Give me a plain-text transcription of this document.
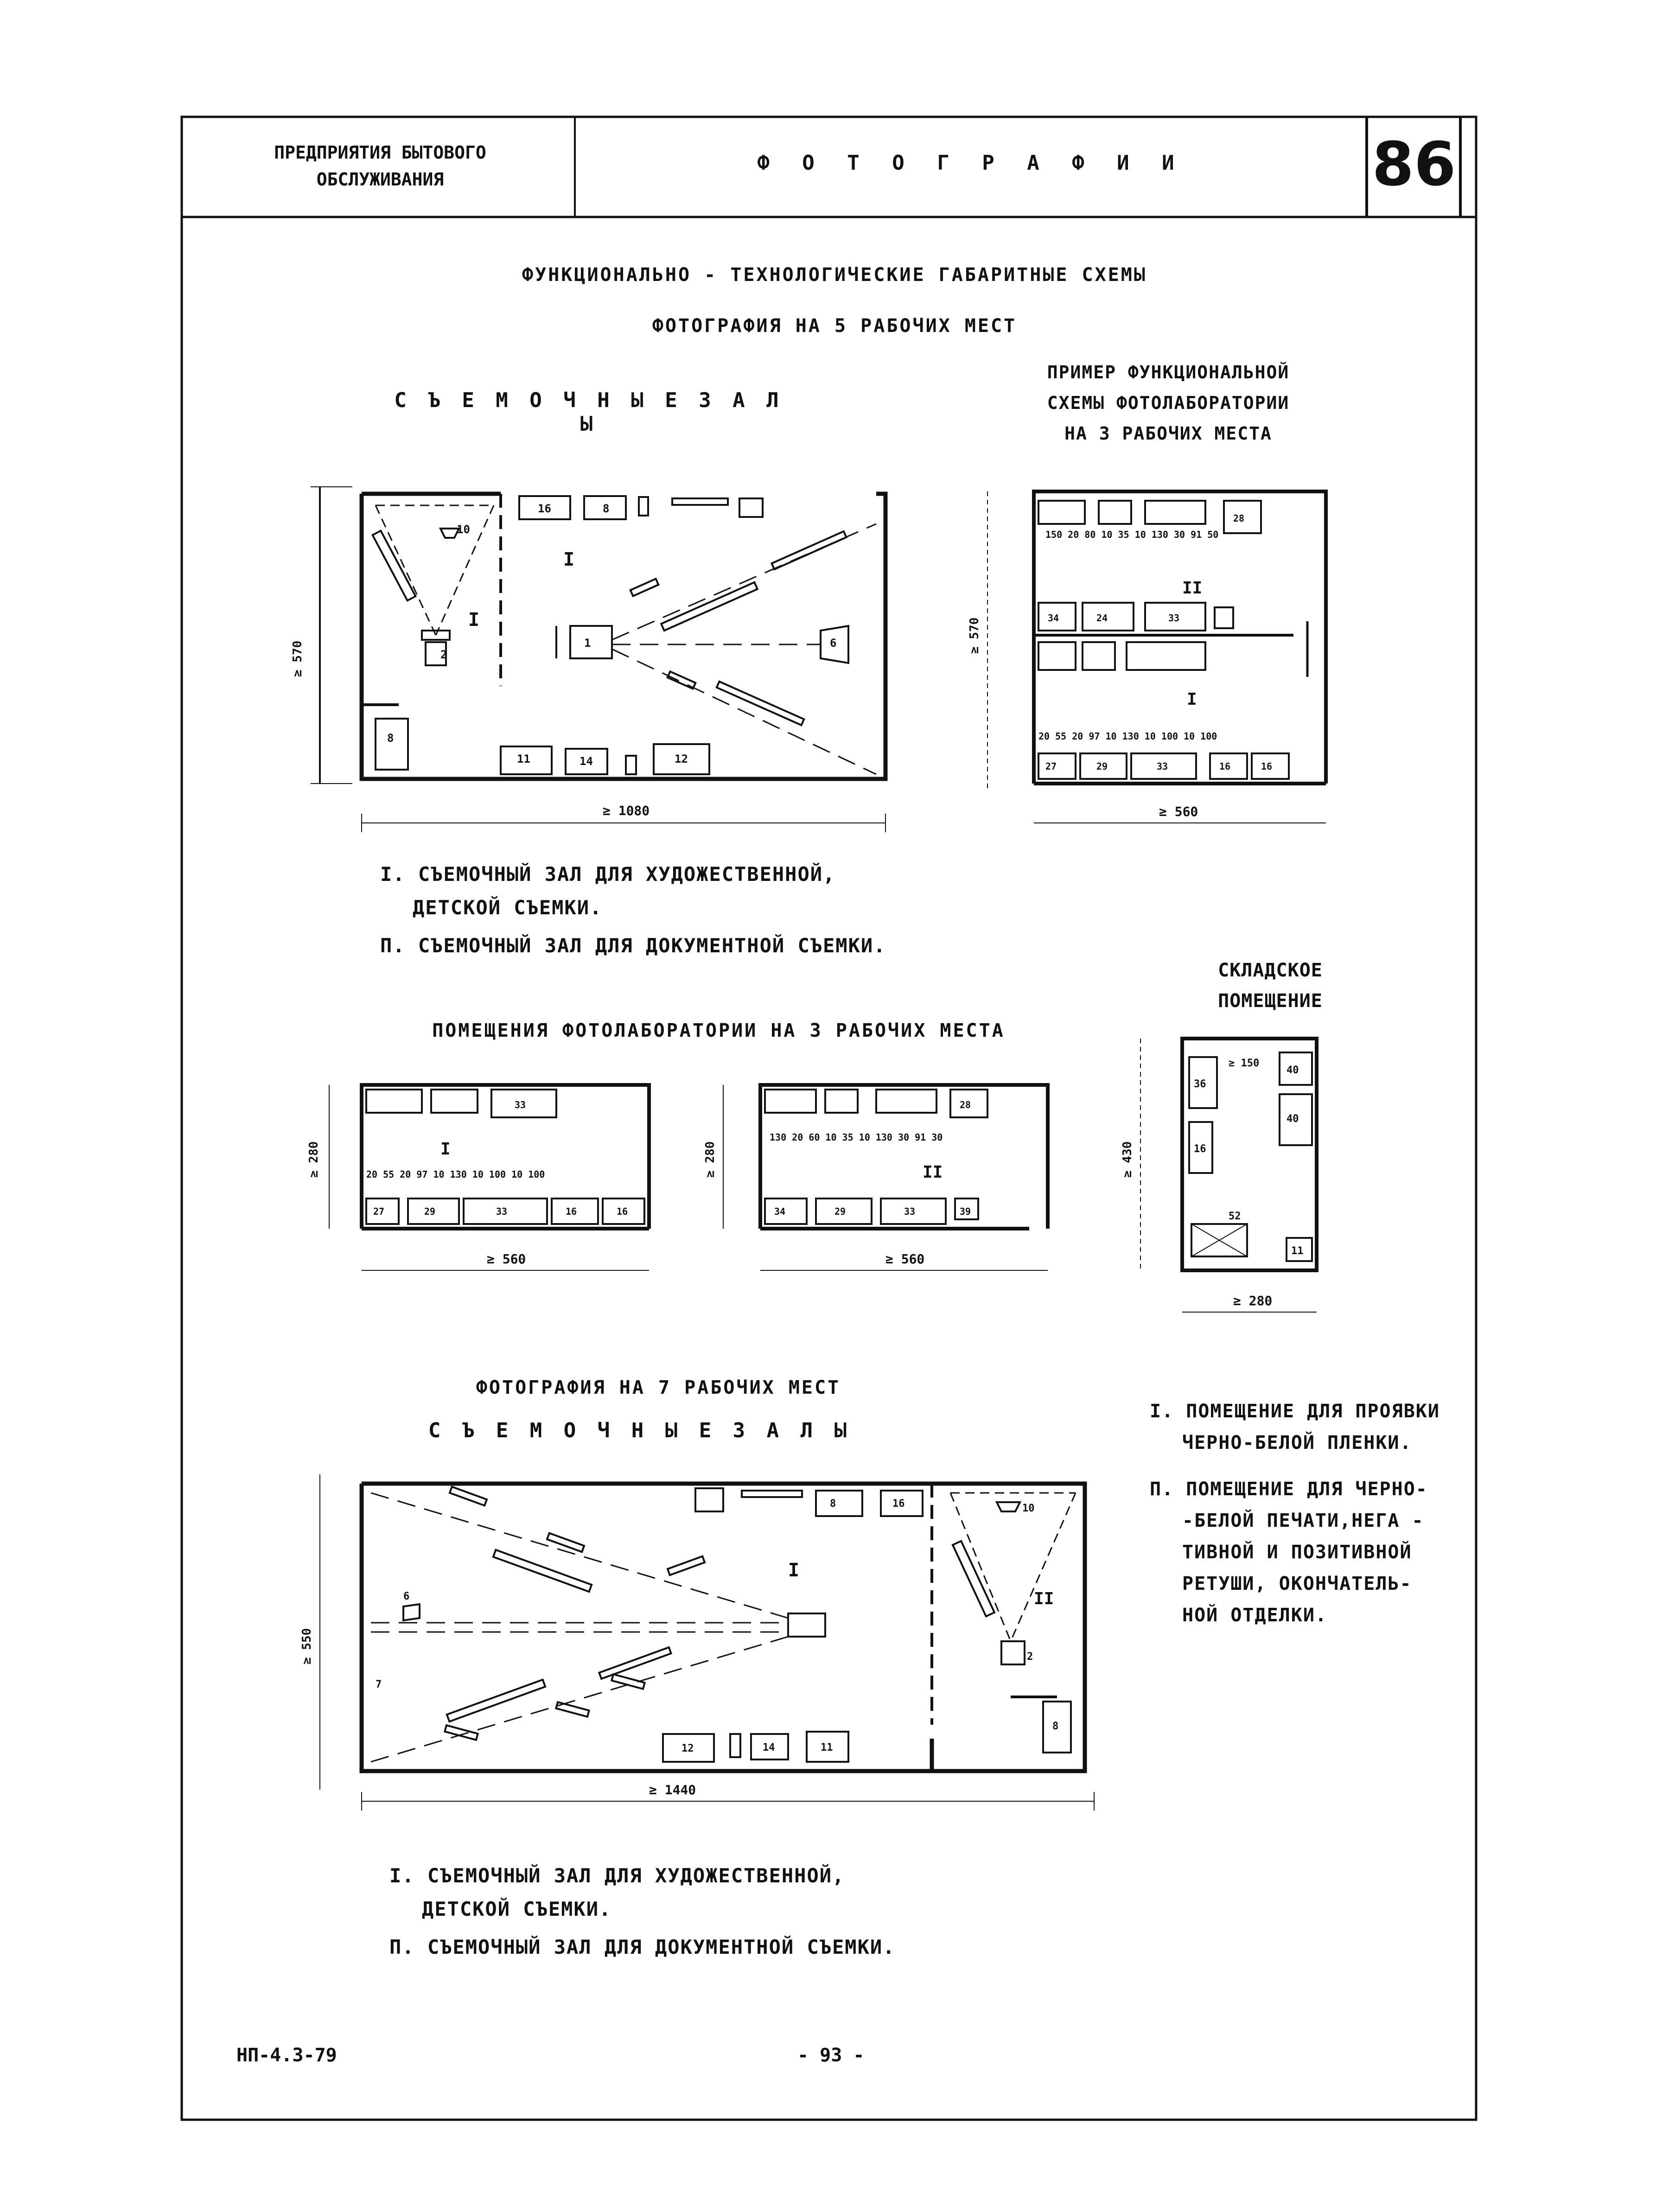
ПРЕДПРИЯТИЯ БЫТОВОГО
ОБСЛУЖИВАНИЯ
Ф О Т О Г Р А Ф И И	86
ФУНКЦИОНАЛЬНО - ТЕХНОЛОГИЧЕСКИЕ ГАБАРИТНЫЕ СХЕМЫ
ФОТОГРАФИЯ НА 5 РАБОЧИХ МЕСТ
С Ъ Е М О Ч Н Ы Е З А Л Ы
ПРИМЕР ФУНКЦИОНАЛЬНОЙ
СХЕМЫ ФОТОЛАБОРАТОРИИ
НА 3 РАБОЧИХ МЕСТА
2
10
8
16	8
11	14	12
6
1
I
I
≥ 570
≥ 1080
150 20 80 10 35 10 130 30 91 50
20 55 20 97 10 130 10 100 10 100
34	24	33
28
27	29	33	16	16
II
I
≥ 570
≥ 560
I. СЪЕМОЧНЫЙ ЗАЛ ДЛЯ ХУДОЖЕСТВЕННОЙ,
ДЕТСКОЙ СЪЕМКИ.
П. СЪЕМОЧНЫЙ ЗАЛ ДЛЯ ДОКУМЕНТНОЙ СЪЕМКИ.
СКЛАДСКОЕ
ПОМЕЩЕНИЕ
ПОМЕЩЕНИЯ ФОТОЛАБОРАТОРИИ НА 3 РАБОЧИХ МЕСТА
20 55 20 97 10 130 10 100 10 100
27	29	33	16	16
33
I
≥ 280
≥ 560
130 20 60 10 35 10 130 30 91 30
34	29	33	39
28
II
≥ 280
≥ 560
36
16
40
40
11
52
≥ 150
≥ 430
≥ 280
ФОТОГРАФИЯ НА 7 РАБОЧИХ МЕСТ
С Ъ Е М О Ч Н Ы Е З А Л Ы
I. ПОМЕЩЕНИЕ ДЛЯ ПРОЯВКИ
ЧЕРНО-БЕЛОЙ ПЛЕНКИ.
П. ПОМЕЩЕНИЕ ДЛЯ ЧЕРНО-
-БЕЛОЙ ПЕЧАТИ,НЕГА -
ТИВНОЙ И ПОЗИТИВНОЙ
РЕТУШИ, ОКОНЧАТЕЛЬ-
НОЙ ОТДЕЛКИ.
8	16
12	14	11
8
2
10
6
7
I
II
≥ 550
≥ 1440
I. СЪЕМОЧНЫЙ ЗАЛ ДЛЯ ХУДОЖЕСТВЕННОЙ,
ДЕТСКОЙ СЪЕМКИ.
П. СЪЕМОЧНЫЙ ЗАЛ ДЛЯ ДОКУМЕНТНОЙ СЪЕМКИ.
НП-4.3-79	- 93 -
